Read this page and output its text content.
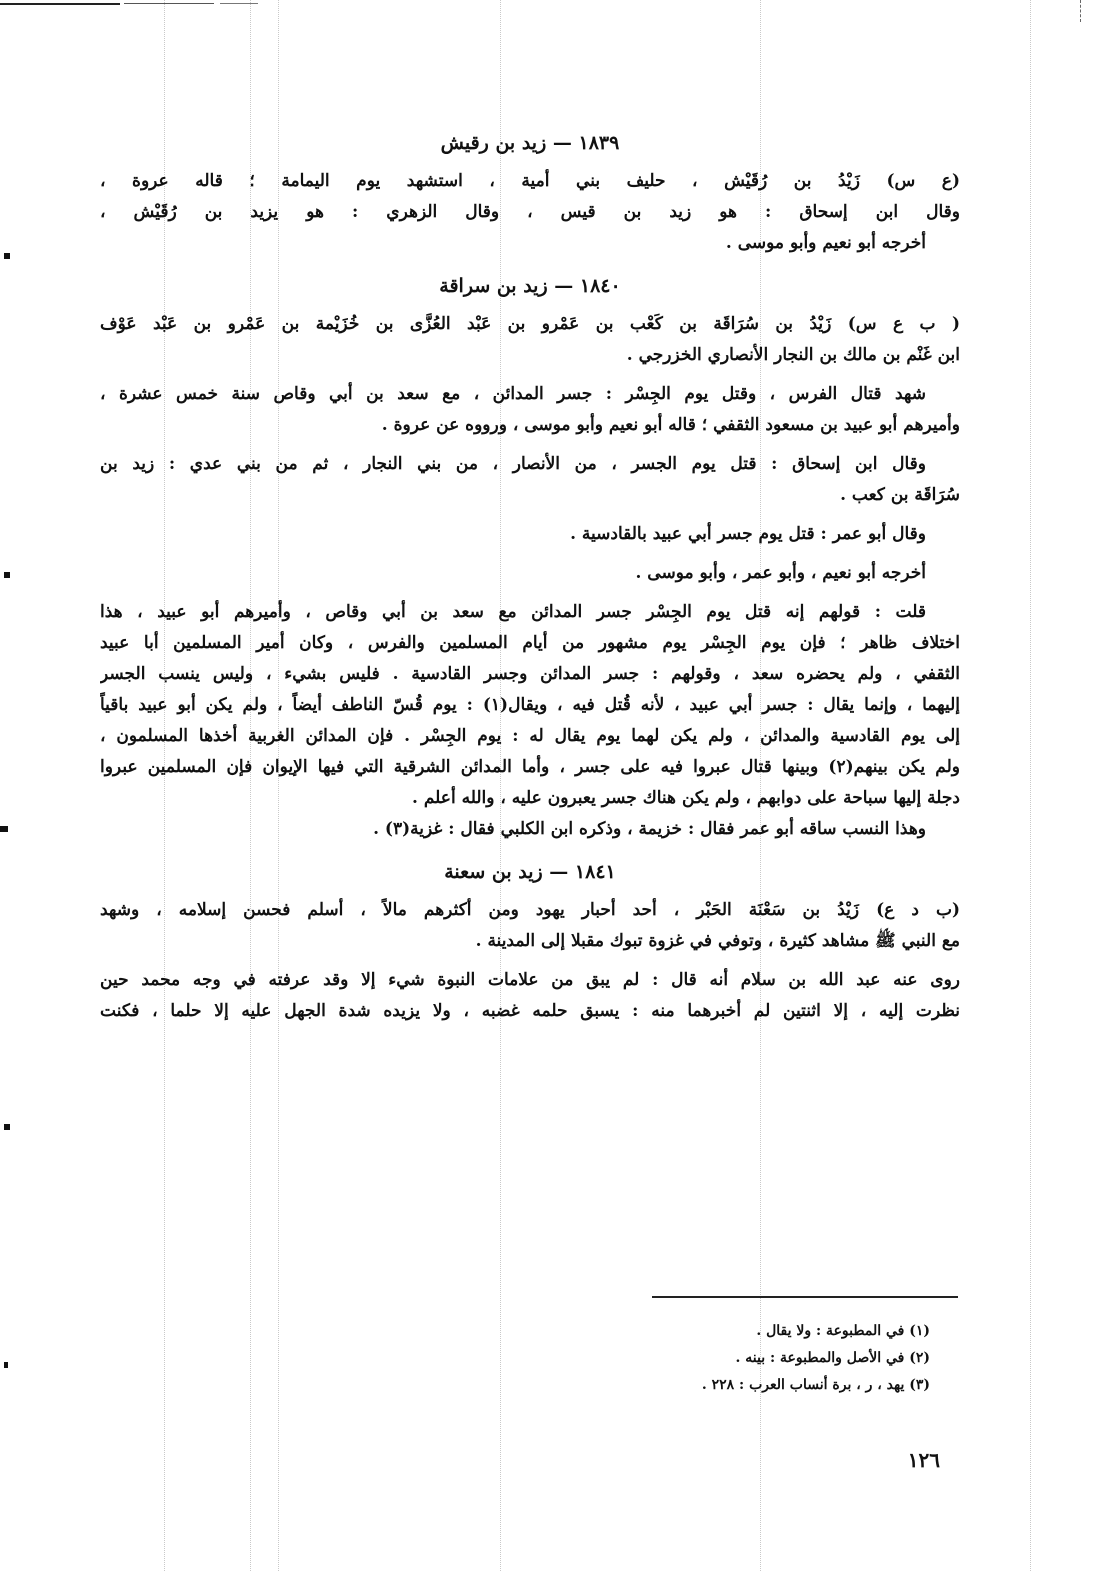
١٨٣٩ — زيد بن رقيش
(ع س) زَيْدُ بن رُقَيْش ، حليف بني أمية ، استشهد يوم اليمامة ؛ قاله عروة ،
وقال ابن إسحاق : هو زيد بن قيس ، وقال الزهري : هو يزيد بن رُقَيْش ،
أخرجه أبو نعيم وأبو موسى .
١٨٤٠ — زيد بن سراقة
( ب ع س) زَيْدُ بن سُرَاقَة بن كَعْب بن عَمْرو بن عَبْد العُزَّى بن خُزَيْمة بن عَمْرو بن عَبْد عَوْف
ابن غَنْم بن مالك بن النجار الأنصاري الخزرجي .
شهد قتال الفرس ، وقتل يوم الجِسْر : جسر المدائن ، مع سعد بن أبي وقاص سنة خمس عشرة ،
وأميرهم أبو عبيد بن مسعود الثقفي ؛ قاله أبو نعيم وأبو موسى ، ورووه عن عروة .
وقال ابن إسحاق : قتل يوم الجسر ، من الأنصار ، من بني النجار ، ثم من بني عدي : زيد بن
سُرَاقَة بن كعب .
وقال أبو عمر : قتل يوم جسر أبي عبيد بالقادسية .
أخرجه أبو نعيم ، وأبو عمر ، وأبو موسى .
قلت : قولهم إنه قتل يوم الجِسْر جسر المدائن مع سعد بن أبي وقاص ، وأميرهم أبو عبيد ، هذا
اختلاف ظاهر ؛ فإن يوم الجِسْر يوم مشهور من أيام المسلمين والفرس ، وكان أمير المسلمين أبا عبيد
الثقفي ، ولم يحضره سعد ، وقولهم : جسر المدائن وجسر القادسية . فليس بشيء ، وليس ينسب الجسر
إليهما ، وإنما يقال : جسر أبي عبيد ، لأنه قُتل فيه ، ويقال(١) : يوم قُسّ الناطف أيضاً ، ولم يكن أبو عبيد باقياً
إلى يوم القادسية والمدائن ، ولم يكن لهما يوم يقال له : يوم الجِسْر . فإن المدائن الغربية أخذها المسلمون ،
ولم يكن بينهم(٢) وبينها قتال عبروا فيه على جسر ، وأما المدائن الشرقية التي فيها الإيوان فإن المسلمين عبروا
دجلة إليها سباحة على دوابهم ، ولم يكن هناك جسر يعبرون عليه ، والله أعلم .
وهذا النسب ساقه أبو عمر فقال : خزيمة ، وذكره ابن الكلبي فقال : غزية(٣) .
١٨٤١ — زيد بن سعنة
(ب د ع) زَيْدُ بن سَعْنَة الحَبْر ، أحد أحبار يهود ومن أكثرهم مالاً ، أسلم فحسن إسلامه ، وشهد
مع النبي ﷺ مشاهد كثيرة ، وتوفي في غزوة تبوك مقبلا إلى المدينة .
روى عنه عبد الله بن سلام أنه قال : لم يبق من علامات النبوة شيء إلا وقد عرفته في وجه محمد حين
نظرت إليه ، إلا اثنتين لم أخبرهما منه : يسبق حلمه غضبه ، ولا يزيده شدة الجهل عليه إلا حلما ، فكنت
(١) في المطبوعة : ولا يقال .
(٢) في الأصل والمطبوعة : بينه .
(٣) يهد ، ر ، برة أنساب العرب : ٢٢٨ .
١٢٦
